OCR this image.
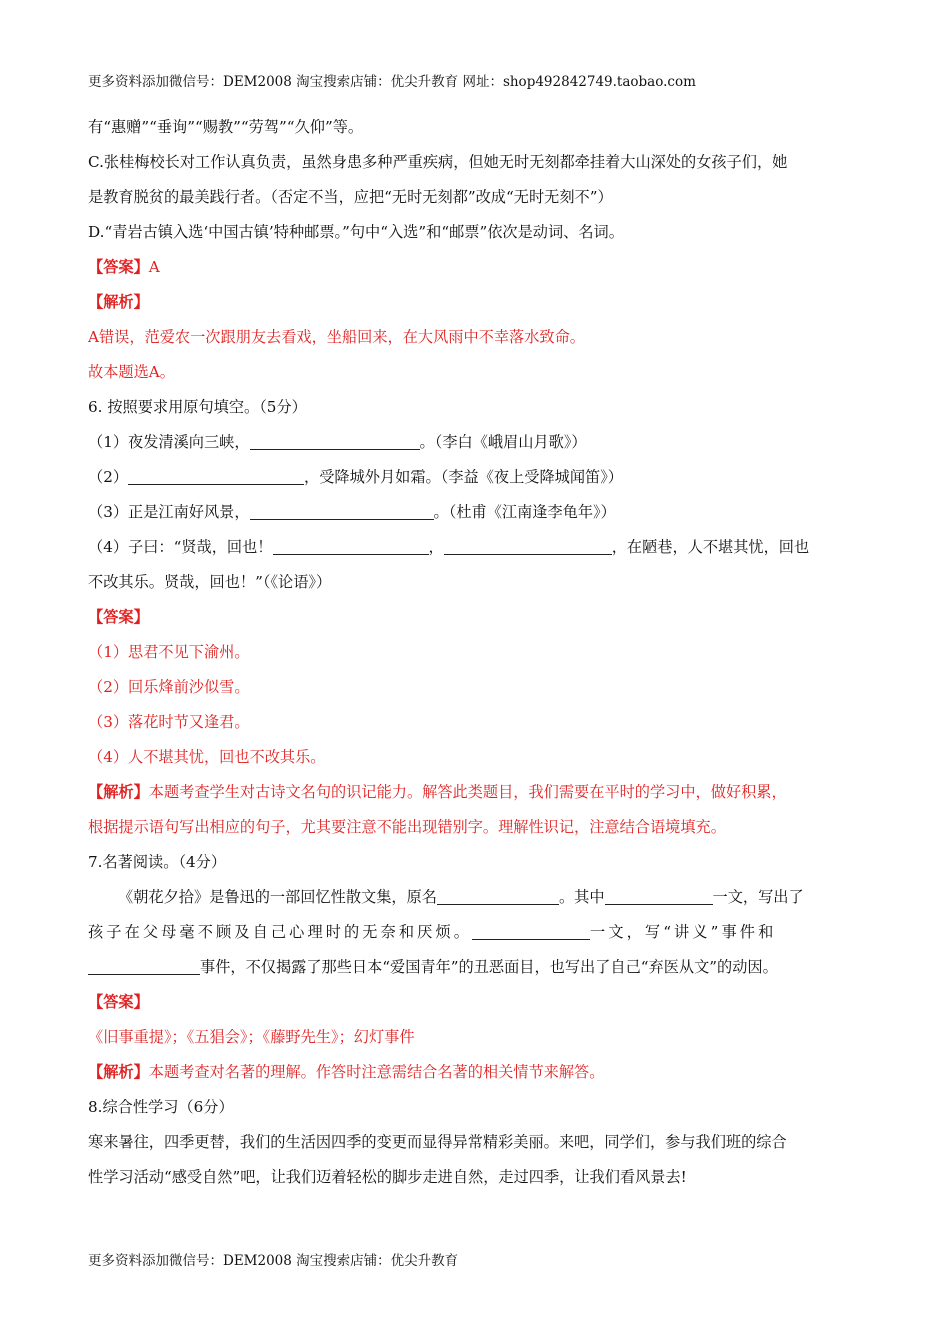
更多资料添加微信号：DEM2008 淘宝搜索店铺：优尖升教育 网址：shop492842749.taobao.com
有“惠赠”“垂询”“赐教”“劳驾”“久仰”等。
C.张桂梅校长对工作认真负责，虽然身患多种严重疾病，但她无时无刻都牵挂着大山深处的女孩子们，她
是教育脱贫的最美践行者。（否定不当，应把“无时无刻都”改成“无时无刻不”）
D.“青岩古镇入选‘中国古镇’特种邮票。”句中“入选”和“邮票”依次是动词、名词。
【答案】A
【解析】
A错误，范爱农一次跟朋友去看戏，坐船回来，在大风雨中不幸落水致命。
故本题选A。
6. 按照要求用原句填空。（5分）
（1）夜发清溪向三峡，	。（李白《峨眉山月歌》）
（2）	，受降城外月如霜。（李益《夜上受降城闻笛》）
（3）正是江南好风景，	。（杜甫《江南逢李龟年》）
（4）子曰：“贤哉，回也！	，	，在陋巷，人不堪其忧，回也
不改其乐。贤哉，回也！”（《论语》）
【答案】
（1）思君不见下渝州。
（2）回乐烽前沙似雪。
（3）落花时节又逢君。
（4）人不堪其忧，回也不改其乐。
【解析】本题考查学生对古诗文名句的识记能力。解答此类题目，我们需要在平时的学习中，做好积累，
根据提示语句写出相应的句子，尤其要注意不能出现错别字。理解性识记，注意结合语境填充。
7.名著阅读。（4分）
《朝花夕拾》是鲁迅的一部回忆性散文集，原名	。其中	一文，写出了
孩子在父母毫不顾及自己心理时的无奈和厌烦。	一文，写“讲义”事件和
事件，不仅揭露了那些日本“爱国青年”的丑恶面目，也写出了自己“弃医从文”的动因。
【答案】
《旧事重提》；《五猖会》；《藤野先生》；幻灯事件
【解析】本题考查对名著的理解。作答时注意需结合名著的相关情节来解答。
8.综合性学习（6分）
寒来暑往，四季更替，我们的生活因四季的变更而显得异常精彩美丽。来吧，同学们，参与我们班的综合
性学习活动“感受自然”吧，让我们迈着轻松的脚步走进自然，走过四季，让我们看风景去!
更多资料添加微信号：DEM2008 淘宝搜索店铺：优尖升教育
